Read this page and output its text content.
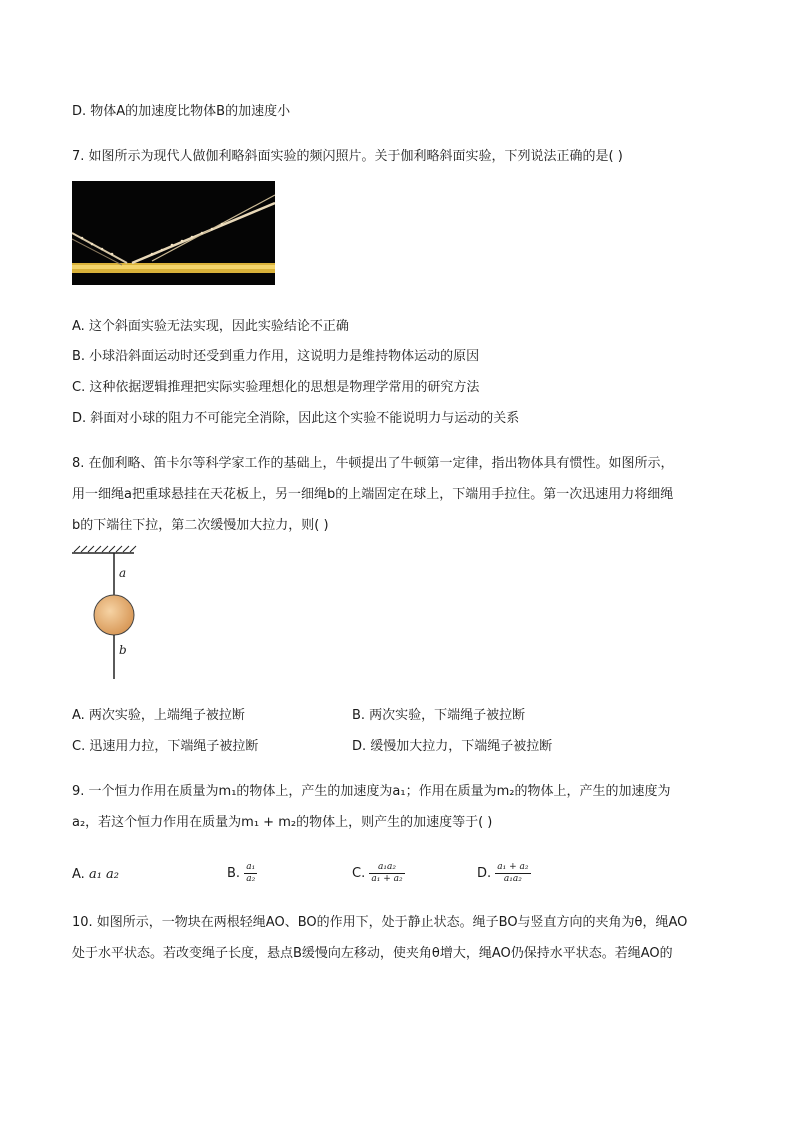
D. 物体A的加速度比物体B的加速度小
7. 如图所示为现代人做伽利略斜面实验的频闪照片。关于伽利略斜面实验，下列说法正确的是( )
A. 这个斜面实验无法实现，因此实验结论不正确
B. 小球沿斜面运动时还受到重力作用，这说明力是维持物体运动的原因
C. 这种依据逻辑推理把实际实验理想化的思想是物理学常用的研究方法
D. 斜面对小球的阻力不可能完全消除，因此这个实验不能说明力与运动的关系
8. 在伽利略、笛卡尔等科学家工作的基础上，牛顿提出了牛顿第一定律，指出物体具有惯性。如图所示，
用一细绳a把重球悬挂在天花板上，另一细绳b的上端固定在球上，下端用手拉住。第一次迅速用力将细绳
b的下端往下拉，第二次缓慢加大拉力，则( )
a
b
A. 两次实验，上端绳子被拉断	B. 两次实验，下端绳子被拉断
C. 迅速用力拉，下端绳子被拉断	D. 缓慢加大拉力，下端绳子被拉断
9. 一个恒力作用在质量为m₁的物体上，产生的加速度为a₁；作用在质量为m₂的物体上，产生的加速度为
a₂，若这个恒力作用在质量为m₁ + m₂的物体上，则产生的加速度等于( )
A. a₁ a₂	B. $\frac{\text{a₁}}{\text{a₂}}$	C. $\frac{\text{a₁a₂}}{\text{a₁ + a₂}}$	D. $\frac{\text{a₁ + a₂}}{\text{a₁a₂}}$
10. 如图所示，一物块在两根轻绳AO、BO的作用下，处于静止状态。绳子BO与竖直方向的夹角为θ，绳AO
处于水平状态。若改变绳子长度，悬点B缓慢向左移动，使夹角θ增大，绳AO仍保持水平状态。若绳AO的
